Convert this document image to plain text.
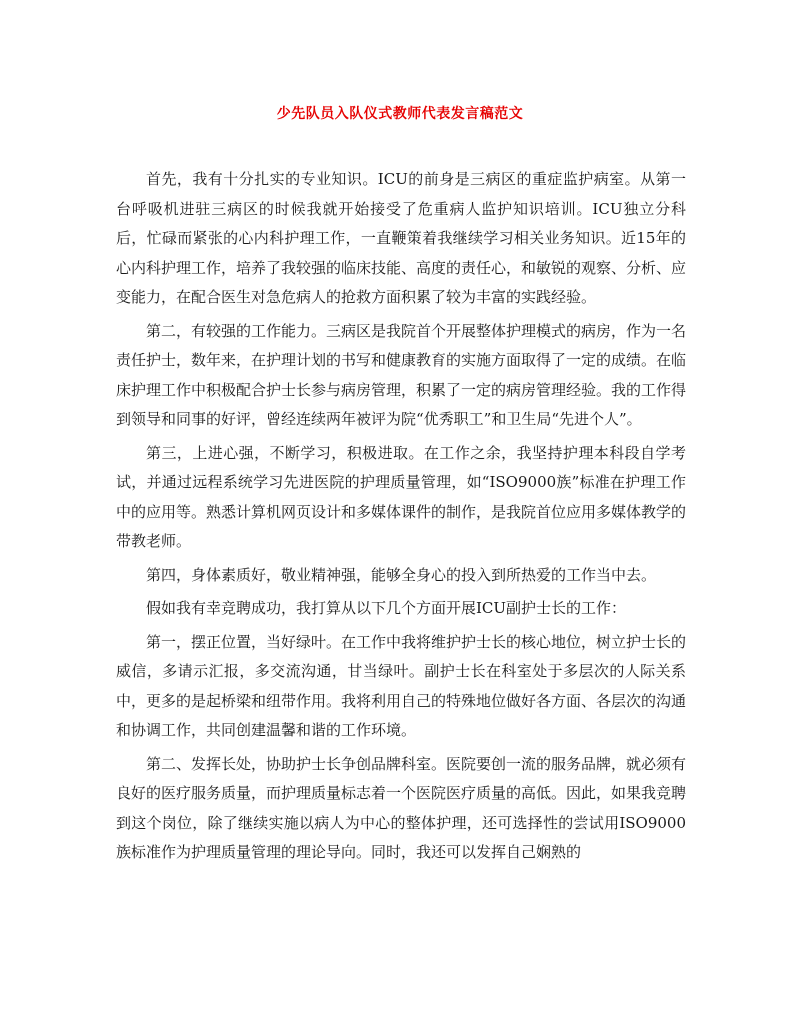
少先队员入队仪式教师代表发言稿范文

首先，我有十分扎实的专业知识。ICU的前身是三病区的重症监护病室。从第一台呼吸机进驻三病区的时候我就开始接受了危重病人监护知识培训。ICU独立分科后，忙碌而紧张的心内科护理工作，一直鞭策着我继续学习相关业务知识。近15年的心内科护理工作，培养了我较强的临床技能、高度的责任心，和敏锐的观察、分析、应变能力，在配合医生对急危病人的抢救方面积累了较为丰富的实践经验。

第二，有较强的工作能力。三病区是我院首个开展整体护理模式的病房，作为一名责任护士，数年来，在护理计划的书写和健康教育的实施方面取得了一定的成绩。在临床护理工作中积极配合护士长参与病房管理，积累了一定的病房管理经验。我的工作得到领导和同事的好评，曾经连续两年被评为院“优秀职工”和卫生局“先进个人”。

第三，上进心强，不断学习，积极进取。在工作之余，我坚持护理本科段自学考试，并通过远程系统学习先进医院的护理质量管理，如“ISO9000族”标准在护理工作中的应用等。熟悉计算机网页设计和多媒体课件的制作，是我院首位应用多媒体教学的带教老师。

第四，身体素质好，敬业精神强，能够全身心的投入到所热爱的工作当中去。

假如我有幸竞聘成功，我打算从以下几个方面开展ICU副护士长的工作：

第一，摆正位置，当好绿叶。在工作中我将维护护士长的核心地位，树立护士长的威信，多请示汇报，多交流沟通，甘当绿叶。副护士长在科室处于多层次的人际关系中，更多的是起桥梁和纽带作用。我将利用自己的特殊地位做好各方面、各层次的沟通和协调工作，共同创建温馨和谐的工作环境。

第二、发挥长处，协助护士长争创品牌科室。医院要创一流的服务品牌，就必须有良好的医疗服务质量，而护理质量标志着一个医院医疗质量的高低。因此，如果我竞聘到这个岗位，除了继续实施以病人为中心的整体护理，还可选择性的尝试用ISO9000族标准作为护理质量管理的理论导向。同时，我还可以发挥自己娴熟的
